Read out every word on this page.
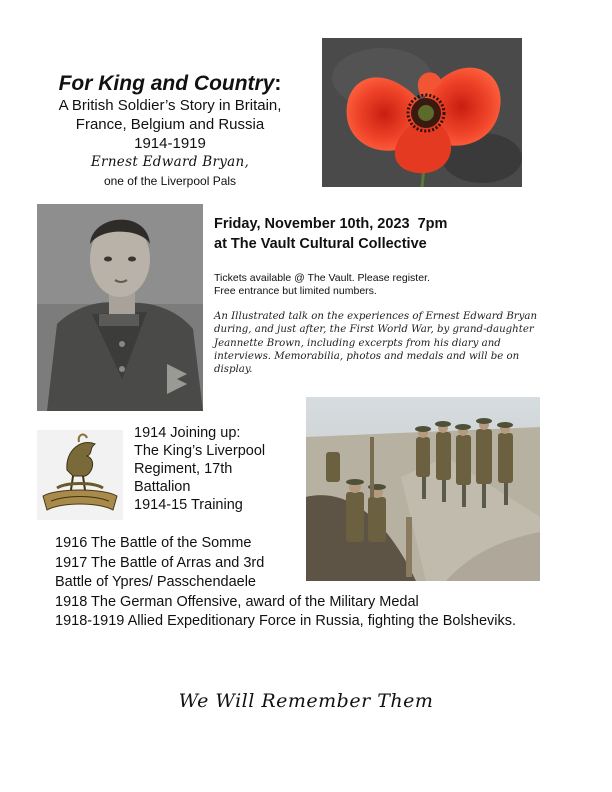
For King and Country:
A British Soldier’s Story in Britain,
France, Belgium and Russia
1914-1919
Ernest Edward Bryan,
one of the Liverpool Pals
Friday, November 10th, 2023  7pm
at The Vault Cultural Collective
Tickets available @ The Vault. Please register.
Free entrance but limited numbers.
An Illustrated talk on the experiences of Ernest Edward Bryan during, and just after, the First World War, by grand-daughter Jeannette Brown, including excerpts from his diary and interviews. Memorabilia, photos and medals and will be on display.
1914 Joining up:
The King’s Liverpool
Regiment, 17th
Battalion
1914-15 Training
1916 The Battle of the Somme
1917 The Battle of Arras and 3rd Battle of Ypres/ Passchendaele
1918 The German Offensive, award of the Military Medal
1918-1919 Allied Expeditionary Force in Russia, fighting the Bolsheviks.
We Will Remember Them
